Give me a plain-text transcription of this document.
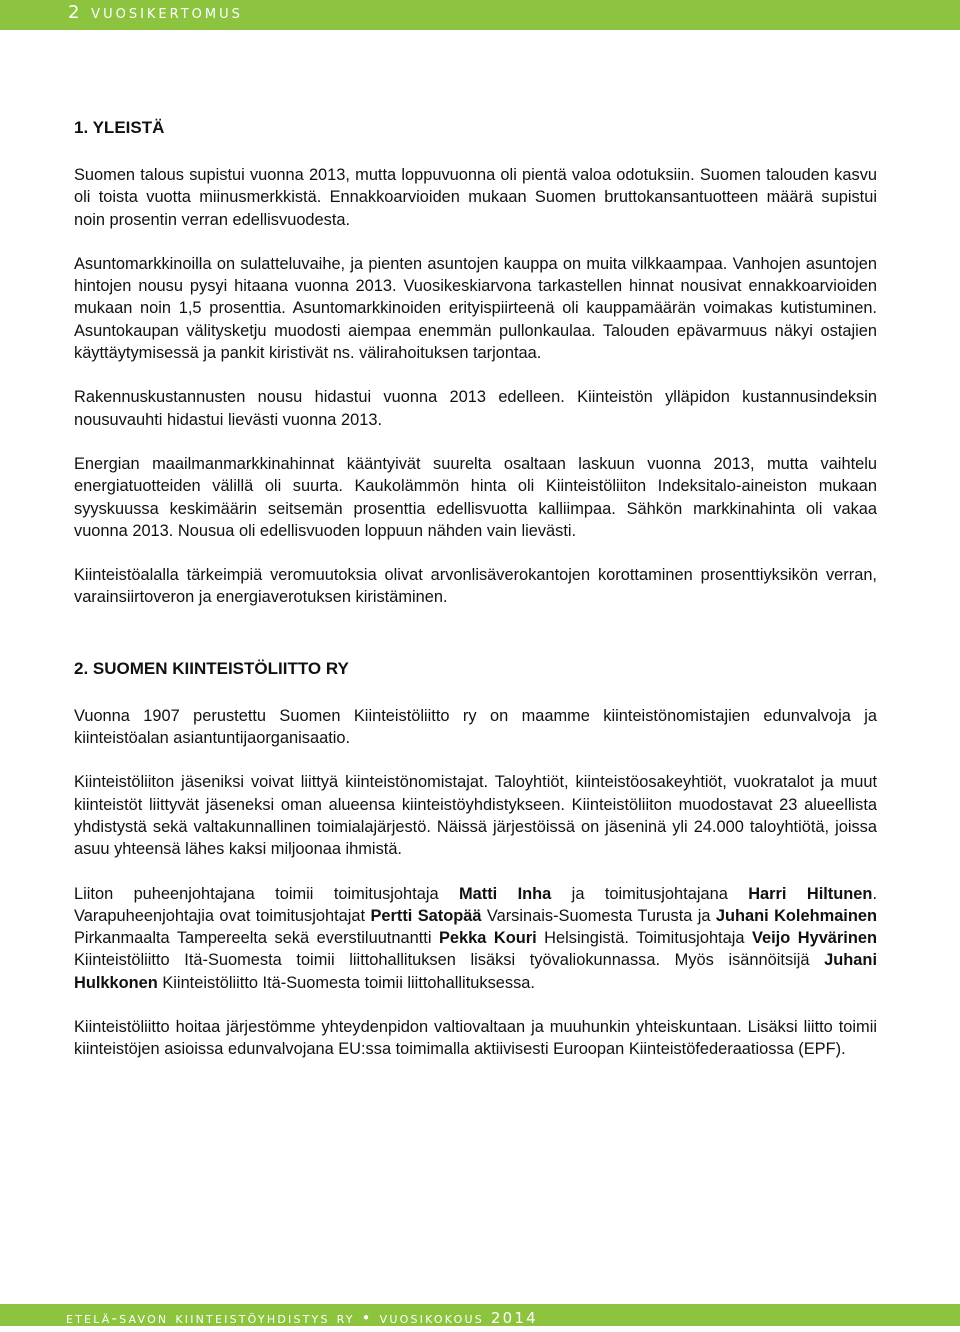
2 vuosikertomus
1. YLEISTÄ

Suomen talous supistui vuonna 2013, mutta loppuvuonna oli pientä valoa odotuksiin. Suomen talouden kasvu oli toista vuotta miinusmerkkistä. Ennakkoarvioiden mukaan Suomen bruttokansantuotteen määrä supistui noin prosentin verran edellisvuodesta.

Asuntomarkkinoilla on sulatteluvaihe, ja pienten asuntojen kauppa on muita vilkkaampaa. Vanhojen asuntojen hintojen nousu pysyi hitaana vuonna 2013. Vuosikeskiarvona tarkastellen hinnat nousivat ennakkoarvioiden mukaan noin 1,5 prosenttia. Asuntomarkkinoiden erityispiirteenä oli kauppamäärän voimakas kutistuminen. Asuntokaupan välitysketju muodosti aiempaa enemmän pullonkaulaa. Talouden epävarmuus näkyi ostajien käyttäytymisessä ja pankit kiristivät ns. välirahoituksen tarjontaa.

Rakennuskustannusten nousu hidastui vuonna 2013 edelleen. Kiinteistön ylläpidon kustannusindeksin nousuvauhti hidastui lievästi vuonna 2013.

Energian maailmanmarkkinahinnat kääntyivät suurelta osaltaan laskuun vuonna 2013, mutta vaihtelu energiatuotteiden välillä oli suurta. Kaukolämmön hinta oli Kiinteistöliiton Indeksitalo-aineiston mukaan syyskuussa keskimäärin seitsemän prosenttia edellisvuotta kalliimpaa. Sähkön markkinahinta oli vakaa vuonna 2013. Nousua oli edellisvuoden loppuun nähden vain lievästi.

Kiinteistöalalla tärkeimpiä veromuutoksia olivat arvonlisäverokantojen korottaminen prosenttiyksikön verran, varainsiirtoveron ja energiaverotuksen kiristäminen.

2. SUOMEN KIINTEISTÖLIITTO RY

Vuonna 1907 perustettu Suomen Kiinteistöliitto ry on maamme kiinteistönomistajien edunvalvoja ja kiinteistöalan asiantuntijaorganisaatio.

Kiinteistöliiton jäseniksi voivat liittyä kiinteistönomistajat. Taloyhtiöt, kiinteistöosakeyhtiöt, vuokratalot ja muut kiinteistöt liittyvät jäseneksi oman alueensa kiinteistöyhdistykseen. Kiinteistöliiton muodostavat 23 alueellista yhdistystä sekä valtakunnallinen toimialajärjestö. Näissä järjestöissä on jäseninä yli 24.000 taloyhtiötä, joissa asuu yhteensä lähes kaksi miljoonaa ihmistä.

Liiton puheenjohtajana toimii toimitusjohtaja Matti Inha ja toimitusjohtajana Harri Hiltunen. Varapuheenjohtajia ovat toimitusjohtajat Pertti Satopää Varsinais-Suomesta Turusta ja Juhani Kolehmainen Pirkanmaalta Tampereelta sekä everstiluutnantti Pekka Kouri Helsingistä. Toimitusjohtaja Veijo Hyvärinen Kiinteistöliitto Itä-Suomesta toimii liittohallituksen lisäksi työvaliokunnassa. Myös isännöitsijä Juhani Hulkkonen Kiinteistöliitto Itä-Suomesta toimii liittohallituksessa.

Kiinteistöliitto hoitaa järjestömme yhteydenpidon valtiovaltaan ja muuhunkin yhteiskuntaan. Lisäksi liitto toimii kiinteistöjen asioissa edunvalvojana EU:ssa toimimalla aktiivisesti Euroopan Kiinteistöfederaatiossa (EPF).

etelä-savon kiinteistöyhdistys ry • vuosikokous 2014
